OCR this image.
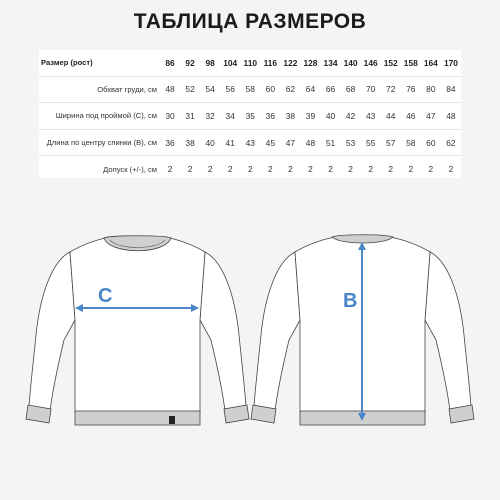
ТАБЛИЦА РАЗМЕРОВ
Размер (рост)	86	92	98	104	110	116	122	128	134	140	146	152	158	164	170
Обхват груди, см	48	52	54	56	58	60	62	64	66	68	70	72	76	80	84
Ширина под проймой (С), см	30	31	32	34	35	36	38	39	40	42	43	44	46	47	48
Длина по центру спинки (В), см	36	38	40	41	43	45	47	48	51	53	55	57	58	60	62
Допуск (+/-), см	2	2	2	2	2	2	2	2	2	2	2	2	2	2	2
C	B
